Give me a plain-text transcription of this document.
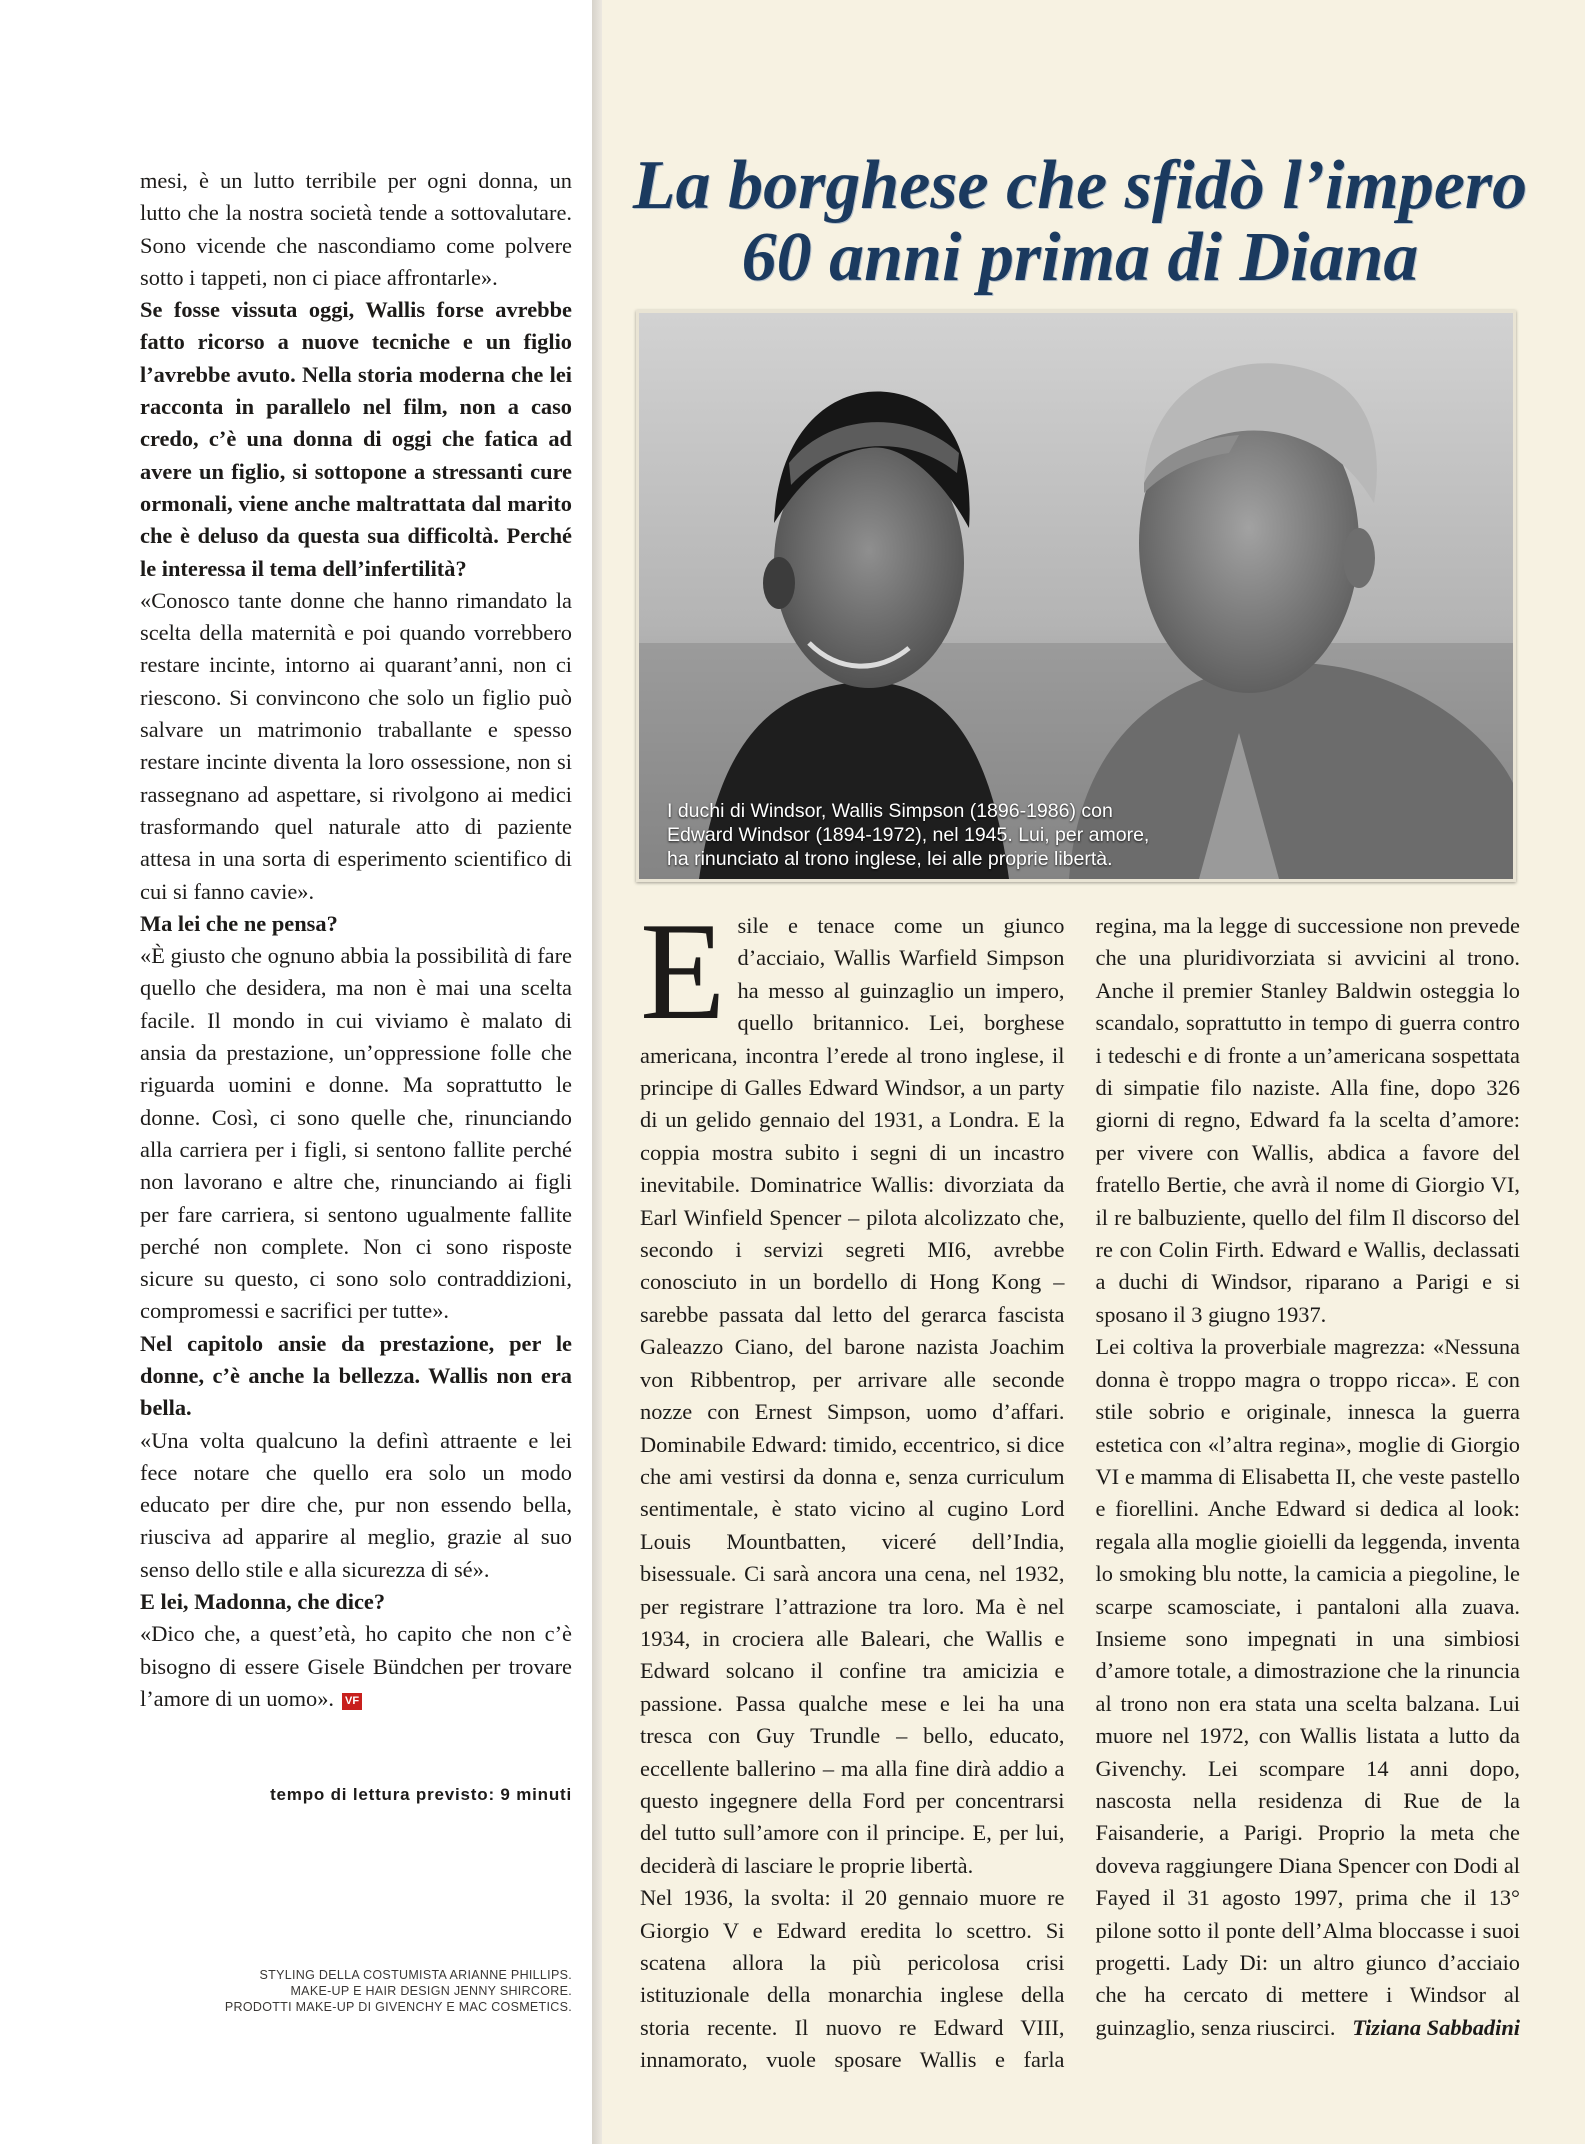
mesi, è un lutto terribile per ogni donna, un lutto che la nostra società tende a sottovalutare. Sono vicende che nascondiamo come polvere sotto i tappeti, non ci piace affrontarle».

Se fosse vissuta oggi, Wallis forse avrebbe fatto ricorso a nuove tecniche e un figlio l’avrebbe avuto. Nella storia moderna che lei racconta in parallelo nel film, non a caso credo, c’è una donna di oggi che fatica ad avere un figlio, si sottopone a stressanti cure ormonali, viene anche maltrattata dal marito che è deluso da questa sua difficoltà. Perché le interessa il tema dell’infertilità?

«Conosco tante donne che hanno rimandato la scelta della maternità e poi quando vorrebbero restare incinte, intorno ai quarant’anni, non ci riescono. Si convincono che solo un figlio può salvare un matrimonio traballante e spesso restare incinte diventa la loro ossessione, non si rassegnano ad aspettare, si rivolgono ai medici trasformando quel naturale atto di paziente attesa in una sorta di esperimento scientifico di cui si fanno cavie».

Ma lei che ne pensa?

«È giusto che ognuno abbia la possibilità di fare quello che desidera, ma non è mai una scelta facile. Il mondo in cui viviamo è malato di ansia da prestazione, un’oppressione folle che riguarda uomini e donne. Ma soprattutto le donne. Così, ci sono quelle che, rinunciando alla carriera per i figli, si sentono fallite perché non lavorano e altre che, rinunciando ai figli per fare carriera, si sentono ugualmente fallite perché non complete. Non ci sono risposte sicure su questo, ci sono solo contraddizioni, compromessi e sacrifici per tutte».

Nel capitolo ansie da prestazione, per le donne, c’è anche la bellezza. Wallis non era bella.

«Una volta qualcuno la definì attraente e lei fece notare che quello era solo un modo educato per dire che, pur non essendo bella, riusciva ad apparire al meglio, grazie al suo senso dello stile e alla sicurezza di sé».

E lei, Madonna, che dice?

«Dico che, a quest’età, ho capito che non c’è bisogno di essere Gisele Bündchen per trovare l’amore di un uomo». VF

tempo di lettura previsto: 9 minuti
STYLING DELLA COSTUMISTA ARIANNE PHILLIPS.
MAKE-UP E HAIR DESIGN JENNY SHIRCORE.
PRODOTTI MAKE-UP DI GIVENCHY E MAC COSMETICS.
La borghese che sfidò l’impero
60 anni prima di Diana
I duchi di Windsor, Wallis Simpson (1896-1986) con
Edward Windsor (1894-1972), nel 1945. Lui, per amore,
ha rinunciato al trono inglese, lei alle proprie libertà.

Esile e tenace come un giunco d’acciaio, Wallis Warfield Simpson ha messo al guinzaglio un impero, quello britannico. Lei, borghese americana, incontra l’erede al trono inglese, il principe di Galles Edward Windsor, a un party di un gelido gennaio del 1931, a Londra. E la coppia mostra subito i segni di un incastro inevitabile. Dominatrice Wallis: divorziata da Earl Winfield Spencer – pilota alcolizzato che, secondo i servizi segreti MI6, avrebbe conosciuto in un bordello di Hong Kong – sarebbe passata dal letto del gerarca fascista Galeazzo Ciano, del barone nazista Joachim von Ribbentrop, per arrivare alle seconde nozze con Ernest Simpson, uomo d’affari. Dominabile Edward: timido, eccentrico, si dice che ami vestirsi da donna e, senza curriculum sentimentale, è stato vicino al cugino Lord Louis Mountbatten, viceré dell’India, bisessuale. Ci sarà ancora una cena, nel 1932, per registrare l’attrazione tra loro. Ma è nel 1934, in crociera alle Baleari, che Wallis e Edward solcano il confine tra amicizia e passione. Passa qualche mese e lei ha una tresca con Guy Trundle – bello, educato, eccellente ballerino – ma alla fine dirà addio a questo ingegnere della Ford per concentrarsi del tutto sull’amore con il principe. E, per lui, deciderà di lasciare le proprie libertà.

Nel 1936, la svolta: il 20 gennaio muore re Giorgio V e Edward eredita lo scettro. Si scatena allora la più pericolosa crisi istituzionale della monarchia inglese della storia recente. Il nuovo re Edward VIII, innamorato, vuole sposare Wallis e farla regina, ma la legge di successione non prevede che una pluridivorziata si avvicini al trono. Anche il premier Stanley Baldwin osteggia lo scandalo, soprattutto in tempo di guerra contro i tedeschi e di fronte a un’americana sospettata di simpatie filo naziste. Alla fine, dopo 326 giorni di regno, Edward fa la scelta d’amore: per vivere con Wallis, abdica a favore del fratello Bertie, che avrà il nome di Giorgio VI, il re balbuziente, quello del film Il discorso del re con Colin Firth. Edward e Wallis, declassati a duchi di Windsor, riparano a Parigi e si sposano il 3 giugno 1937.

Lei coltiva la proverbiale magrezza: «Nessuna donna è troppo magra o troppo ricca». E con stile sobrio e originale, innesca la guerra estetica con «l’altra regina», moglie di Giorgio VI e mamma di Elisabetta II, che veste pastello e fiorellini. Anche Edward si dedica al look: regala alla moglie gioielli da leggenda, inventa lo smoking blu notte, la camicia a piegoline, le scarpe scamosciate, i pantaloni alla zuava. Insieme sono impegnati in una simbiosi d’amore totale, a dimostrazione che la rinuncia al trono non era stata una scelta balzana. Lui muore nel 1972, con Wallis listata a lutto da Givenchy. Lei scompare 14 anni dopo, nascosta nella residenza di Rue de la Faisanderie, a Parigi. Proprio la meta che doveva raggiungere Diana Spencer con Dodi al Fayed il 31 agosto 1997, prima che il 13° pilone sotto il ponte dell’Alma bloccasse i suoi progetti. Lady Di: un altro giunco d’acciaio che ha cercato di mettere i Windsor al guinzaglio, senza riuscirci. Tiziana Sabbadini
